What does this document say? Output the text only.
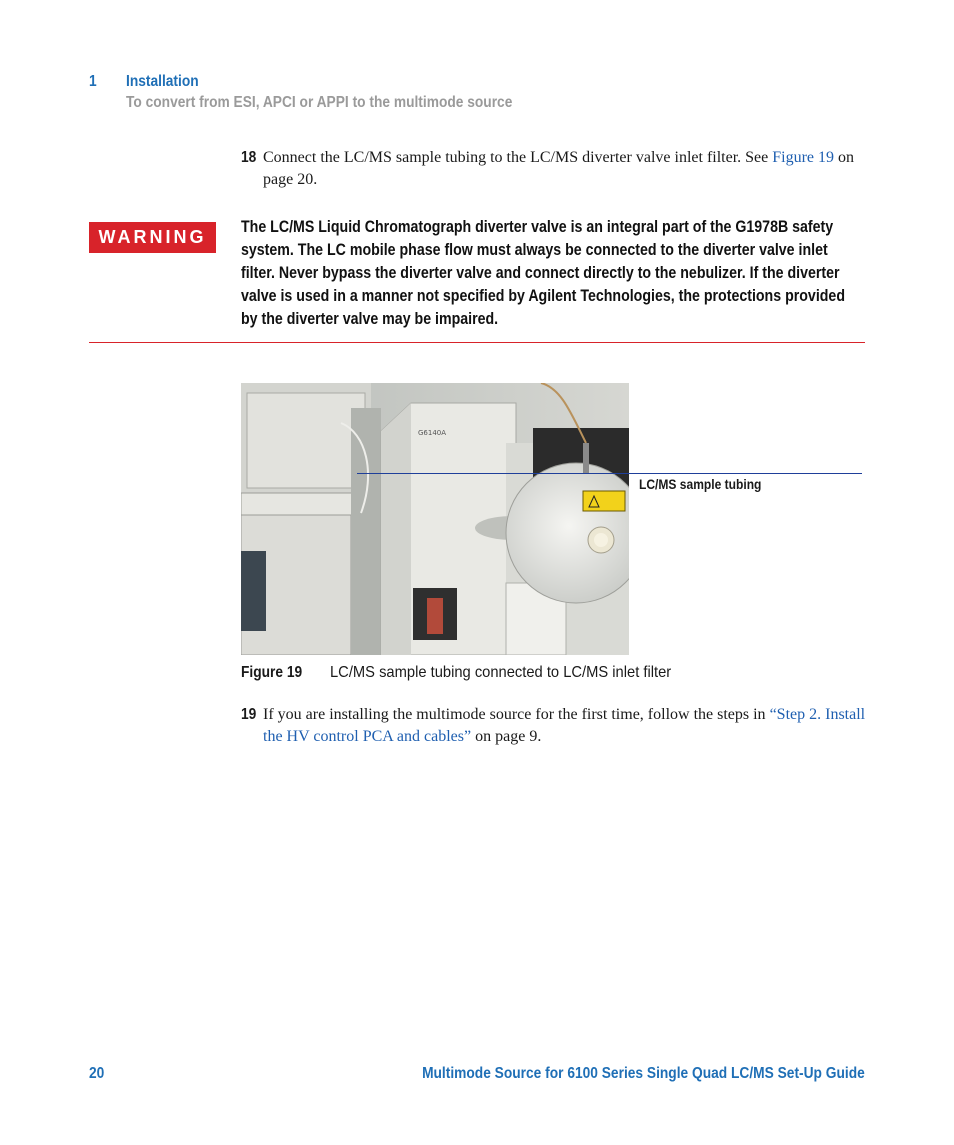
1 Installation
To convert from ESI, APCI or APPI to the multimode source
18 Connect the LC/MS sample tubing to the LC/MS diverter valve inlet filter. See Figure 19 on page 20.
WARNING	The LC/MS Liquid Chromatograph diverter valve is an integral part of the G1978B safety system. The LC mobile phase flow must always be connected to the diverter valve inlet filter. Never bypass the diverter valve and connect directly to the nebulizer. If the diverter valve is used in a manner not specified by Agilent Technologies, the protections provided by the diverter valve may be impaired.
G6140A
LC/MS sample tubing
Figure 19 LC/MS sample tubing connected to LC/MS inlet filter
19 If you are installing the multimode source for the first time, follow the steps in “Step 2. Install the HV control PCA and cables” on page 9.
20	Multimode Source for 6100 Series Single Quad LC/MS Set-Up Guide
